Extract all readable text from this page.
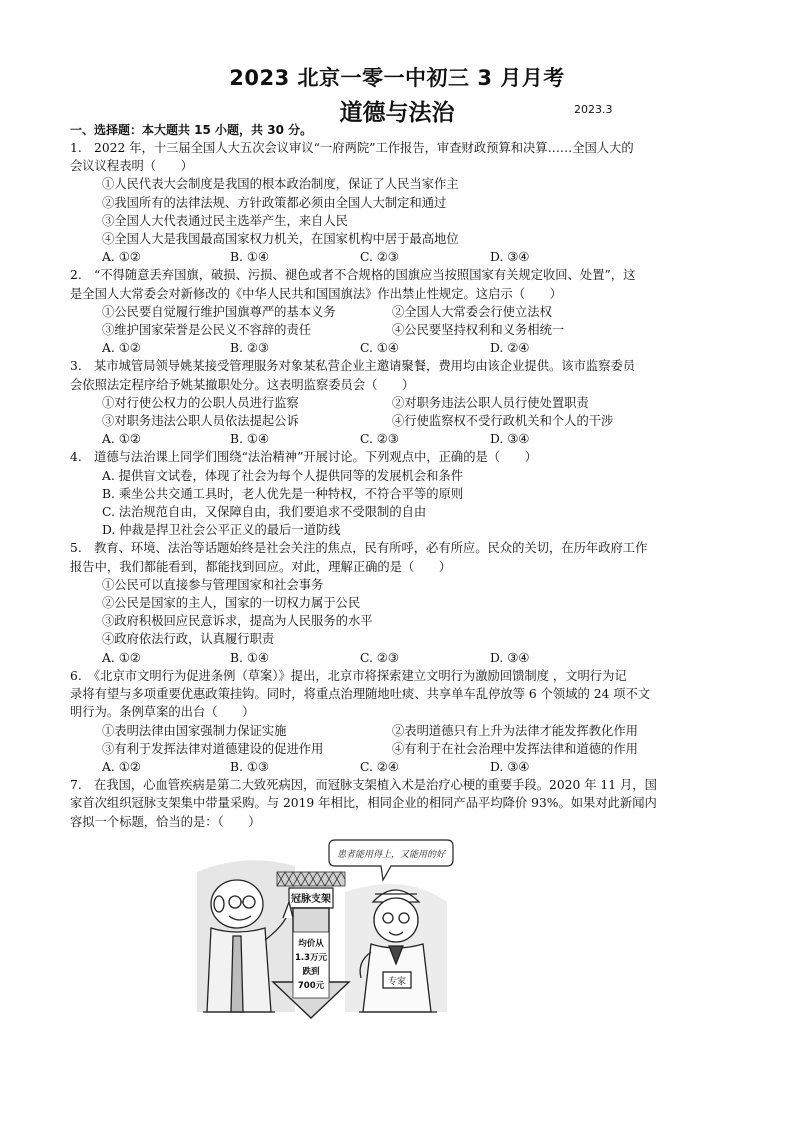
2023 北京一零一中初三 3 月月考
道德与法治	2023.3
一、选择题：本大题共 15 小题，共 30 分。
1.　2022 年，十三届全国人大五次会议审议“一府两院”工作报告，审查财政预算和决算……全国人大的
会议议程表明（　　）
①人民代表大会制度是我国的根本政治制度，保证了人民当家作主
②我国所有的法律法规、方针政策都必须由全国人大制定和通过
③全国人大代表通过民主选举产生，来自人民
④全国人大是我国最高国家权力机关，在国家机构中居于最高地位
A. ①②	B. ①④	C. ②③	D. ③④
2.　“不得随意丢弃国旗，破损、污损、褪色或者不合规格的国旗应当按照国家有关规定收回、处置”，这
是全国人大常委会对新修改的《中华人民共和国国旗法》作出禁止性规定。这启示（　　）
①公民要自觉履行维护国旗尊严的基本义务	②全国人大常委会行使立法权
③维护国家荣誉是公民义不容辞的责任	④公民要坚持权利和义务相统一
A. ①②	B. ②③	C. ①④	D. ②④
3.　某市城管局领导姚某接受管理服务对象某私营企业主邀请聚餐，费用均由该企业提供。该市监察委员
会依照法定程序给予姚某撤职处分。这表明监察委员会（　　）
①对行使公权力的公职人员进行监察	②对职务违法公职人员行使处置职责
③对职务违法公职人员依法提起公诉	④行使监察权不受行政机关和个人的干涉
A. ①②	B. ①④	C. ②③	D. ③④
4.　道德与法治课上同学们围绕“法治精神”开展讨论。下列观点中，正确的是（　　）
A. 提供盲文试卷，体现了社会为每个人提供同等的发展机会和条件
B. 乘坐公共交通工具时，老人优先是一种特权，不符合平等的原则
C. 法治规范自由，又保障自由，我们要追求不受限制的自由
D. 仲裁是捍卫社会公平正义的最后一道防线
5.　教育、环境、法治等话题始终是社会关注的焦点，民有所呼，必有所应。民众的关切，在历年政府工作
报告中，我们都能看到，都能找到回应。对此，理解正确的是（　　）
①公民可以直接参与管理国家和社会事务
②公民是国家的主人，国家的一切权力属于公民
③政府积极回应民意诉求，提高为人民服务的水平
④政府依法行政，认真履行职责
A. ①②	B. ①④	C. ②③	D. ③④
6.　《北京市文明行为促进条例（草案）》提出，北京市将探索建立文明行为激励回馈制度 ，文明行为记
录将有望与多项重要优惠政策挂钩。同时，将重点治理随地吐痰、共享单车乱停放等 6 个领域的 24 项不文
明行为。条例草案的出台（　　）
①表明法律由国家强制力保证实施	②表明道德只有上升为法律才能发挥教化作用
③有利于发挥法律对道德建设的促进作用	④有利于在社会治理中发挥法律和道德的作用
A. ①②	B. ①③	C. ②④	D. ③④
7.　在我国，心血管疾病是第二大致死病因，而冠脉支架植入术是治疗心梗的重要手段。2020 年 11 月，国
家首次组织冠脉支架集中带量采购。与 2019 年相比，相同企业的相同产品平均降价 93%。如果对此新闻内
容拟一个标题，恰当的是：（　　）
患者能用得上，又能用的好
冠脉支架
均价从
1.3万元
跌到
700元	专家
